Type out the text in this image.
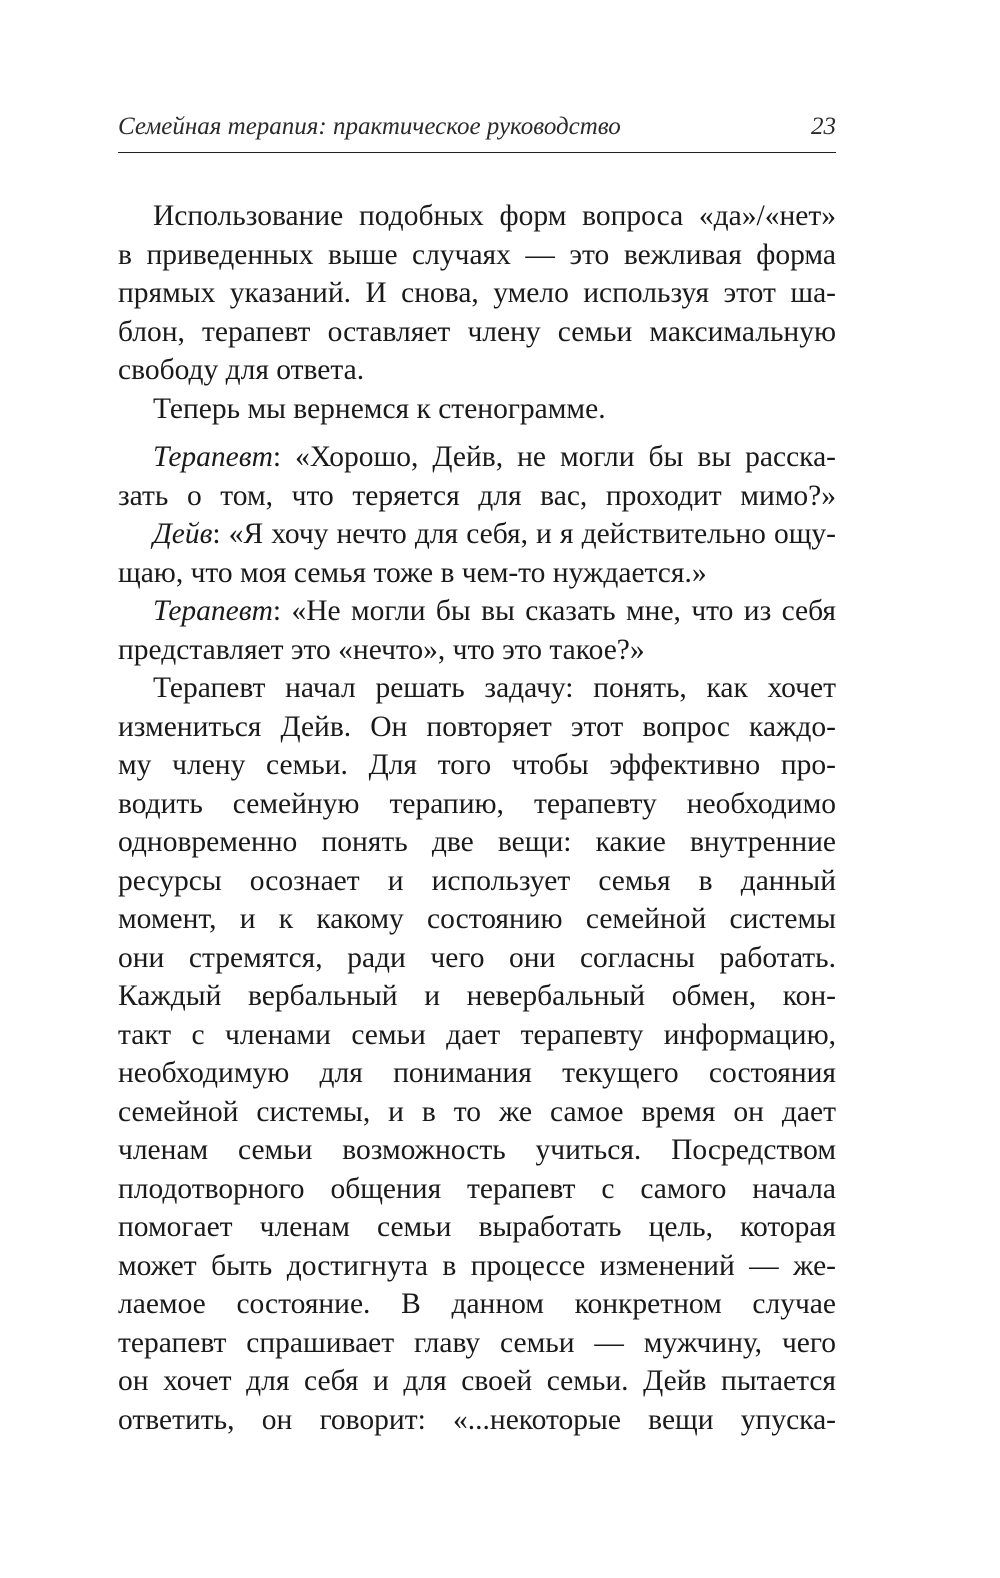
Семейная терапия: практическое руководство	23
Использование подобных форм вопроса «да»/«нет»
в приведенных выше случаях — это вежливая форма
прямых указаний. И снова, умело используя этот ша-
блон, терапевт оставляет члену семьи максимальную
свободу для ответа.
Теперь мы вернемся к стенограмме.
Терапевт: «Хорошо, Дейв, не могли бы вы расска-
зать о том, что теряется для вас, проходит мимо?»
Дейв: «Я хочу нечто для себя, и я действительно ощу-
щаю, что моя семья тоже в чем-то нуждается.»
Терапевт: «Не могли бы вы сказать мне, что из себя
представляет это «нечто», что это такое?»
Терапевт начал решать задачу: понять, как хочет
измениться Дейв. Он повторяет этот вопрос каждо-
му члену семьи. Для того чтобы эффективно про-
водить семейную терапию, терапевту необходимо
одновременно понять две вещи: какие внутренние
ресурсы осознает и использует семья в данный
момент, и к какому состоянию семейной системы
они стремятся, ради чего они согласны работать.
Каждый вербальный и невербальный обмен, кон-
такт с членами семьи дает терапевту информацию,
необходимую для понимания текущего состояния
семейной системы, и в то же самое время он дает
членам семьи возможность учиться. Посредством
плодотворного общения терапевт с самого начала
помогает членам семьи выработать цель, которая
может быть достигнута в процессе изменений — же-
лаемое состояние. В данном конкретном случае
терапевт спрашивает главу семьи — мужчину, чего
он хочет для себя и для своей семьи. Дейв пытается
ответить, он говорит: «...некоторые вещи упуска-
